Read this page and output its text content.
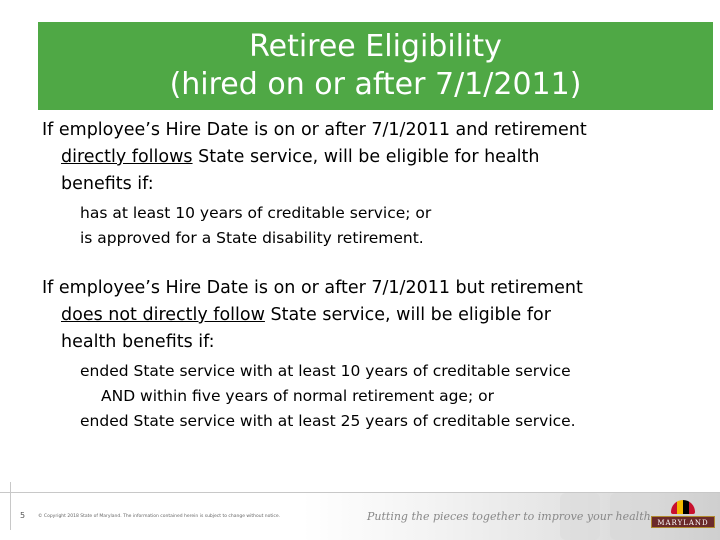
Retiree Eligibility
(hired on or after 7/1/2011)

If employee’s Hire Date is on or after 7/1/2011 and retirement
directly follows State service, will be eligible for health
benefits if:

has at least 10 years of creditable service; or
is approved for a State disability retirement.

If employee’s Hire Date is on or after 7/1/2011 but retirement
does not directly follow State service, will be eligible for
health benefits if:

ended State service with at least 10 years of creditable service
AND within five years of normal retirement age; or
ended State service with at least 25 years of creditable service.
5	© Copyright 2018 State of Maryland. The information contained herein is subject to change without notice.	Putting the pieces together to improve your health MARYLAND
